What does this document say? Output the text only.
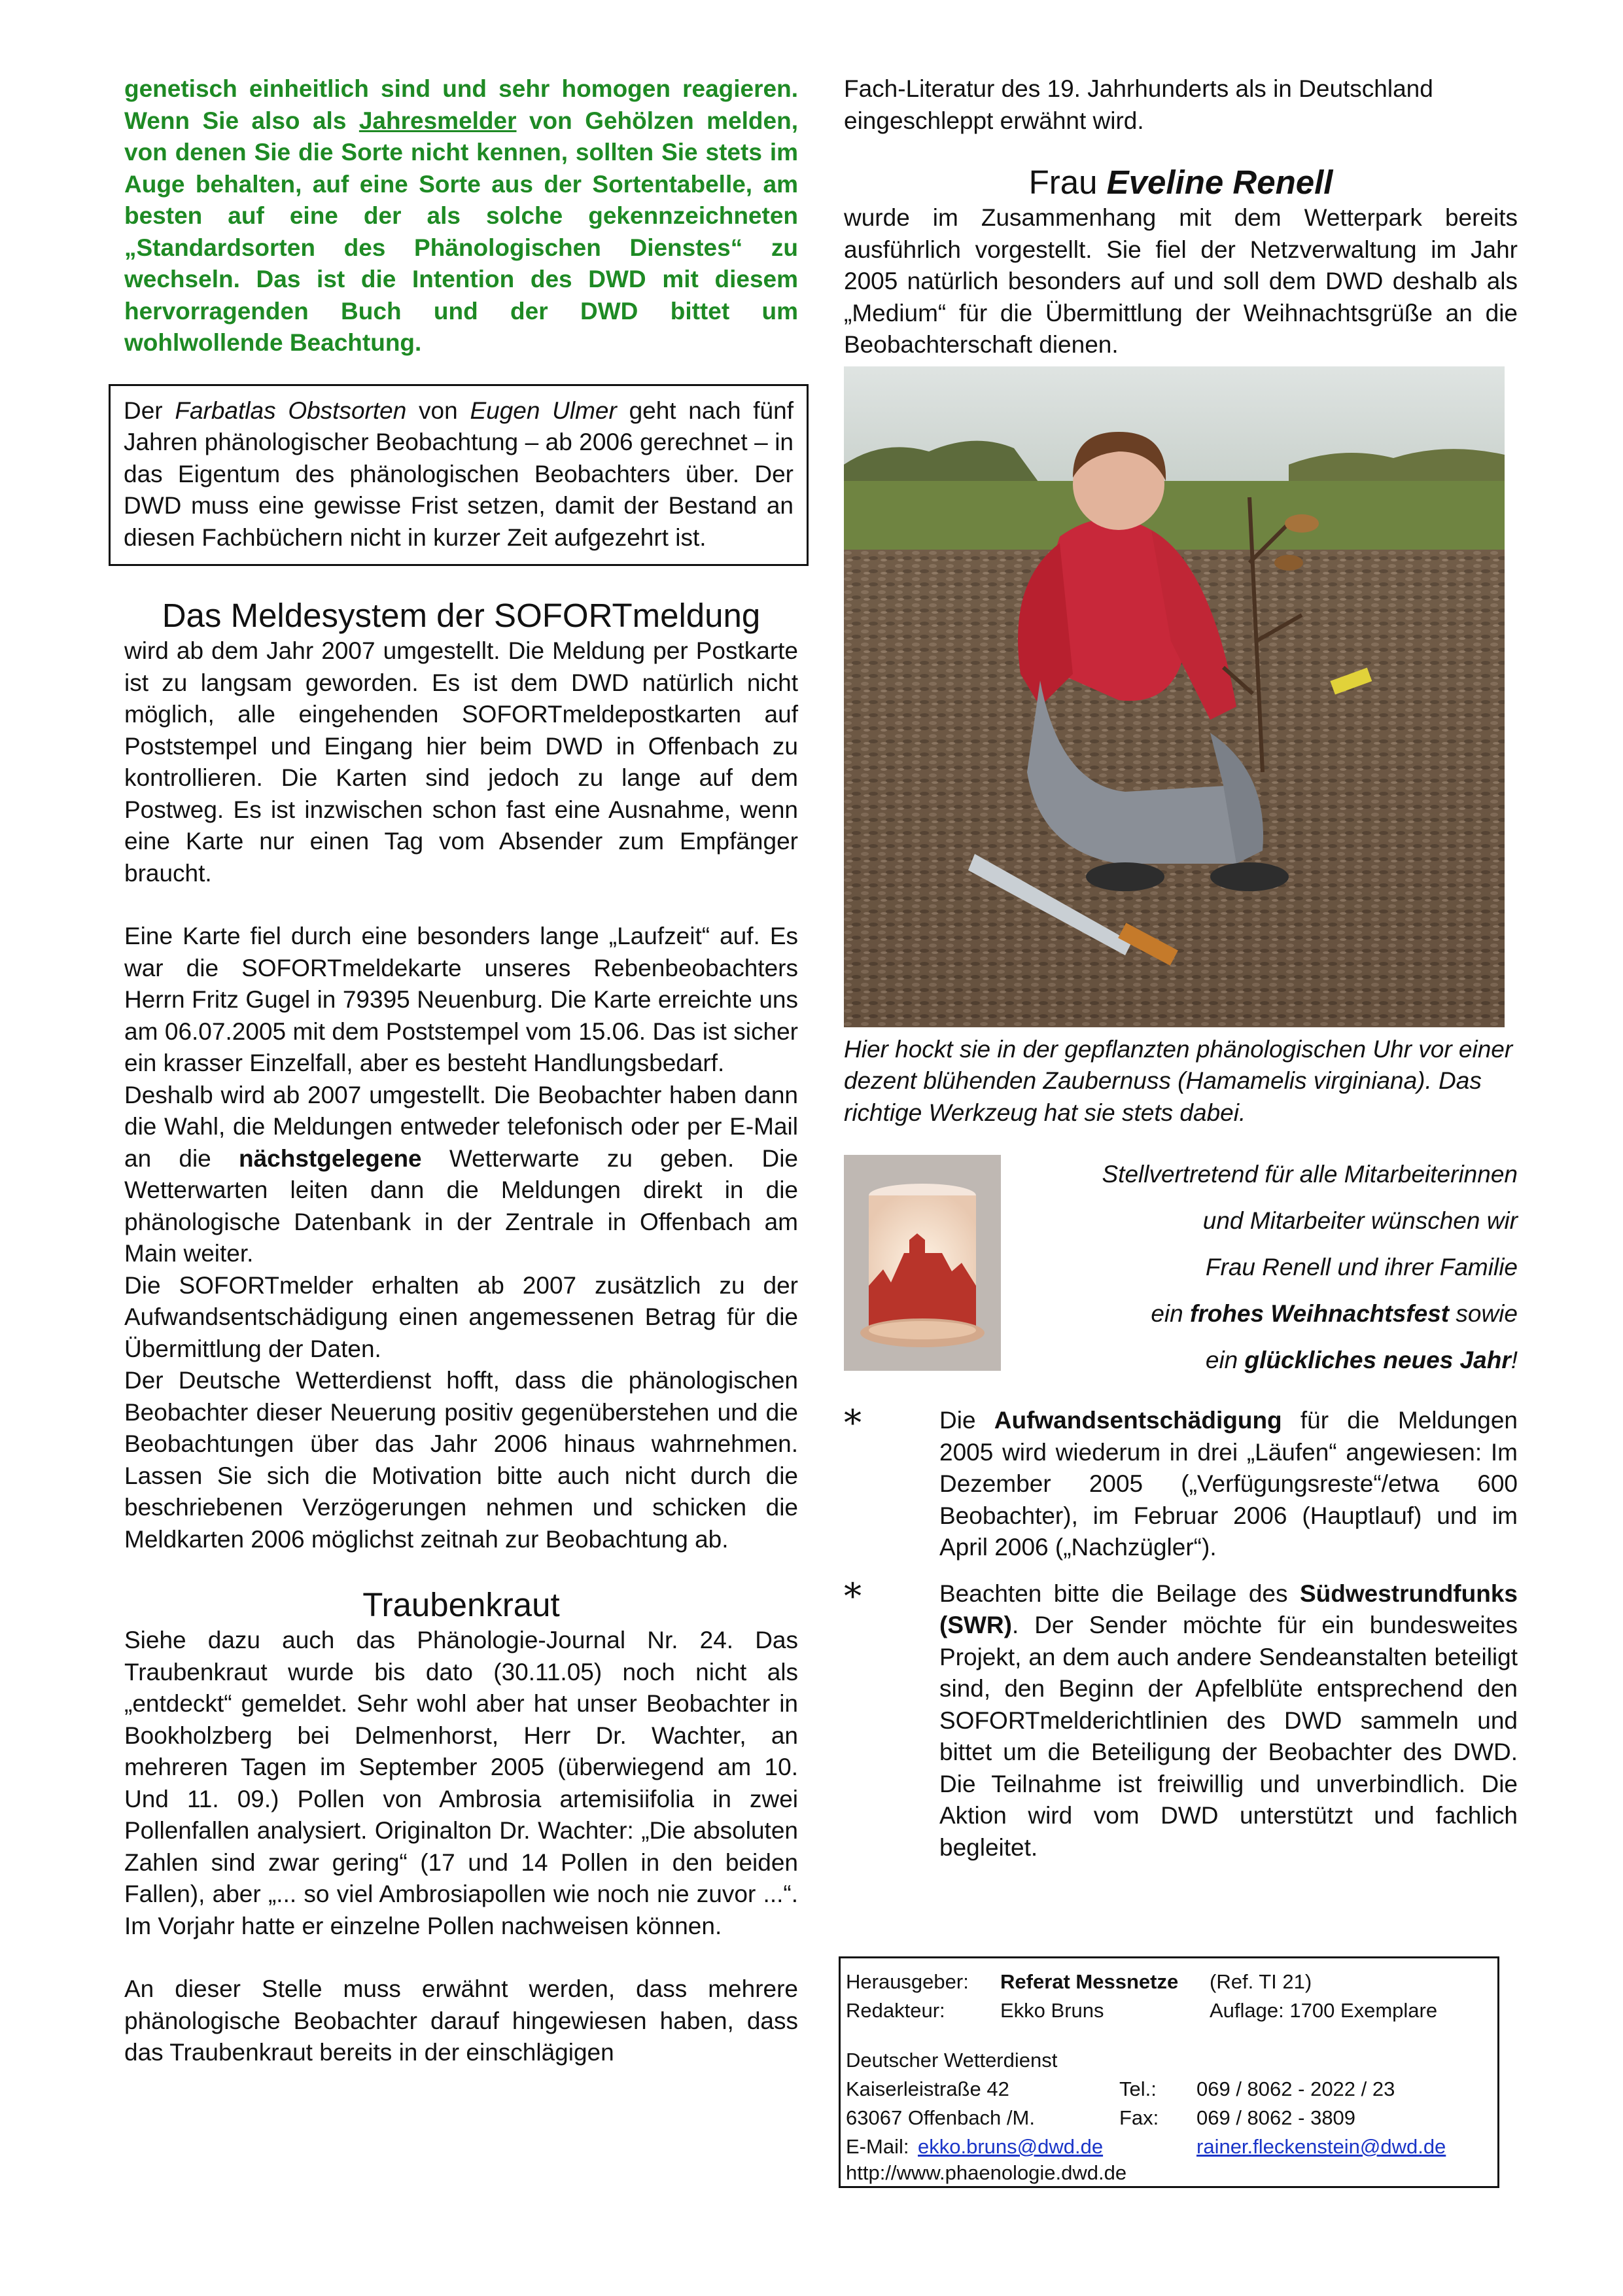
genetisch einheitlich sind und sehr homogen reagieren. Wenn Sie also als Jahresmelder von Gehölzen melden, von denen Sie die Sorte nicht kennen, sollten Sie stets im Auge behalten, auf eine Sorte aus der Sortentabelle, am besten auf eine der als solche gekennzeichneten „Standardsorten des Phänologischen Dienstes“ zu wechseln. Das ist die Intention des DWD mit diesem hervorragenden Buch und der DWD bittet um wohlwollende Beachtung.

Der Farbatlas Obstsorten von Eugen Ulmer geht nach fünf Jahren phänologischer Beobachtung – ab 2006 gerechnet – in das Eigentum des phänologischen Beobachters über. Der DWD muss eine gewisse Frist setzen, damit der Bestand an diesen Fachbüchern nicht in kurzer Zeit aufgezehrt ist.

Das Meldesystem der SOFORTmeldung

wird ab dem Jahr 2007 umgestellt. Die Meldung per Postkarte ist zu langsam geworden. Es ist dem DWD natürlich nicht möglich, alle eingehenden SOFORTmeldepostkarten auf Poststempel und Eingang hier beim DWD in Offenbach zu kontrollieren. Die Karten sind jedoch zu lange auf dem Postweg. Es ist inzwischen schon fast eine Ausnahme, wenn eine Karte nur einen Tag vom Absender zum Empfänger braucht.

Eine Karte fiel durch eine besonders lange „Laufzeit“ auf. Es war die SOFORTmeldekarte unseres Rebenbeobachters Herrn Fritz Gugel in 79395 Neuenburg. Die Karte erreichte uns am 06.07.2005 mit dem Poststempel vom 15.06. Das ist sicher ein krasser Einzelfall, aber es besteht Handlungsbedarf.

Deshalb wird ab 2007 umgestellt. Die Beobachter haben dann die Wahl, die Meldungen entweder telefonisch oder per E-Mail an die nächstgelegene Wetterwarte zu geben. Die Wetterwarten leiten dann die Meldungen direkt in die phänologische Datenbank in der Zentrale in Offenbach am Main weiter.

Die SOFORTmelder erhalten ab 2007 zusätzlich zu der Aufwandsentschädigung einen angemessenen Betrag für die Übermittlung der Daten.

Der Deutsche Wetterdienst hofft, dass die phänologischen Beobachter dieser Neuerung positiv gegenüberstehen und die Beobachtungen über das Jahr 2006 hinaus wahrnehmen. Lassen Sie sich die Motivation bitte auch nicht durch die beschriebenen Verzögerungen nehmen und schicken die Meldkarten 2006 möglichst zeitnah zur Beobachtung ab.

Traubenkraut

Siehe dazu auch das Phänologie-Journal Nr. 24. Das Traubenkraut wurde bis dato (30.11.05) noch nicht als „entdeckt“ gemeldet. Sehr wohl aber hat unser Beobachter in Bookholzberg bei Delmenhorst, Herr Dr. Wachter, an mehreren Tagen im September 2005 (überwiegend am 10. Und 11. 09.) Pollen von Ambrosia artemisiifolia in zwei Pollenfallen analysiert. Originalton Dr. Wachter: „Die absoluten Zahlen sind zwar gering“ (17 und 14 Pollen in den beiden Fallen), aber „... so viel Ambrosiapollen wie noch nie zuvor ...“. Im Vorjahr hatte er einzelne Pollen nachweisen können.

An dieser Stelle muss erwähnt werden, dass mehrere phänologische Beobachter darauf hingewiesen haben, dass das Traubenkraut bereits in der einschlägigen

Fach-Literatur des 19. Jahrhunderts als in Deutschland eingeschleppt erwähnt wird.

Frau Eveline Renell

wurde im Zusammenhang mit dem Wetterpark bereits ausführlich vorgestellt. Sie fiel der Netzverwaltung im Jahr 2005 natürlich besonders auf und soll dem DWD deshalb als „Medium“ für die Übermittlung der Weihnachtsgrüße an die Beobachterschaft dienen.

Hier hockt sie in der gepflanzten phänologischen Uhr vor einer dezent blühenden Zaubernuss (Hamamelis virginiana). Das richtige Werkzeug hat sie stets dabei.

Stellvertretend für alle Mitarbeiterinnen
und Mitarbeiter wünschen wir
Frau Renell und ihrer Familie
ein frohes Weihnachtsfest sowie
ein glückliches neues Jahr!
*	Die Aufwandsentschädigung für die Meldungen 2005 wird wiederum in drei „Läufen“ angewiesen: Im Dezember 2005 („Verfügungsreste“/etwa 600 Beobachter), im Februar 2006 (Hauptlauf) und im April 2006 („Nachzügler“).

*	Beachten bitte die Beilage des Südwestrundfunks (SWR). Der Sender möchte für ein bundesweites Projekt, an dem auch andere Sendeanstalten beteiligt sind, den Beginn der Apfelblüte entsprechend den SOFORTmelderichtlinien des DWD sammeln und bittet um die Beteiligung der Beobachter des DWD. Die Teilnahme ist freiwillig und unverbindlich. Die Aktion wird vom DWD unterstützt und fachlich begleitet.

Herausgeber: Referat Messnetze (Ref. TI 21)
Redakteur:	Ekko Bruns	Auflage: 1700 Exemplare
Deutscher Wetterdienst
Kaiserleistraße 42	Tel.: 069 / 8062 - 2022 / 23
63067 Offenbach /M.	Fax: 069 / 8062 - 3809
E-Mail: ekko.bruns@dwd.de	rainer.fleckenstein@dwd.de
http://www.phaenologie.dwd.de
